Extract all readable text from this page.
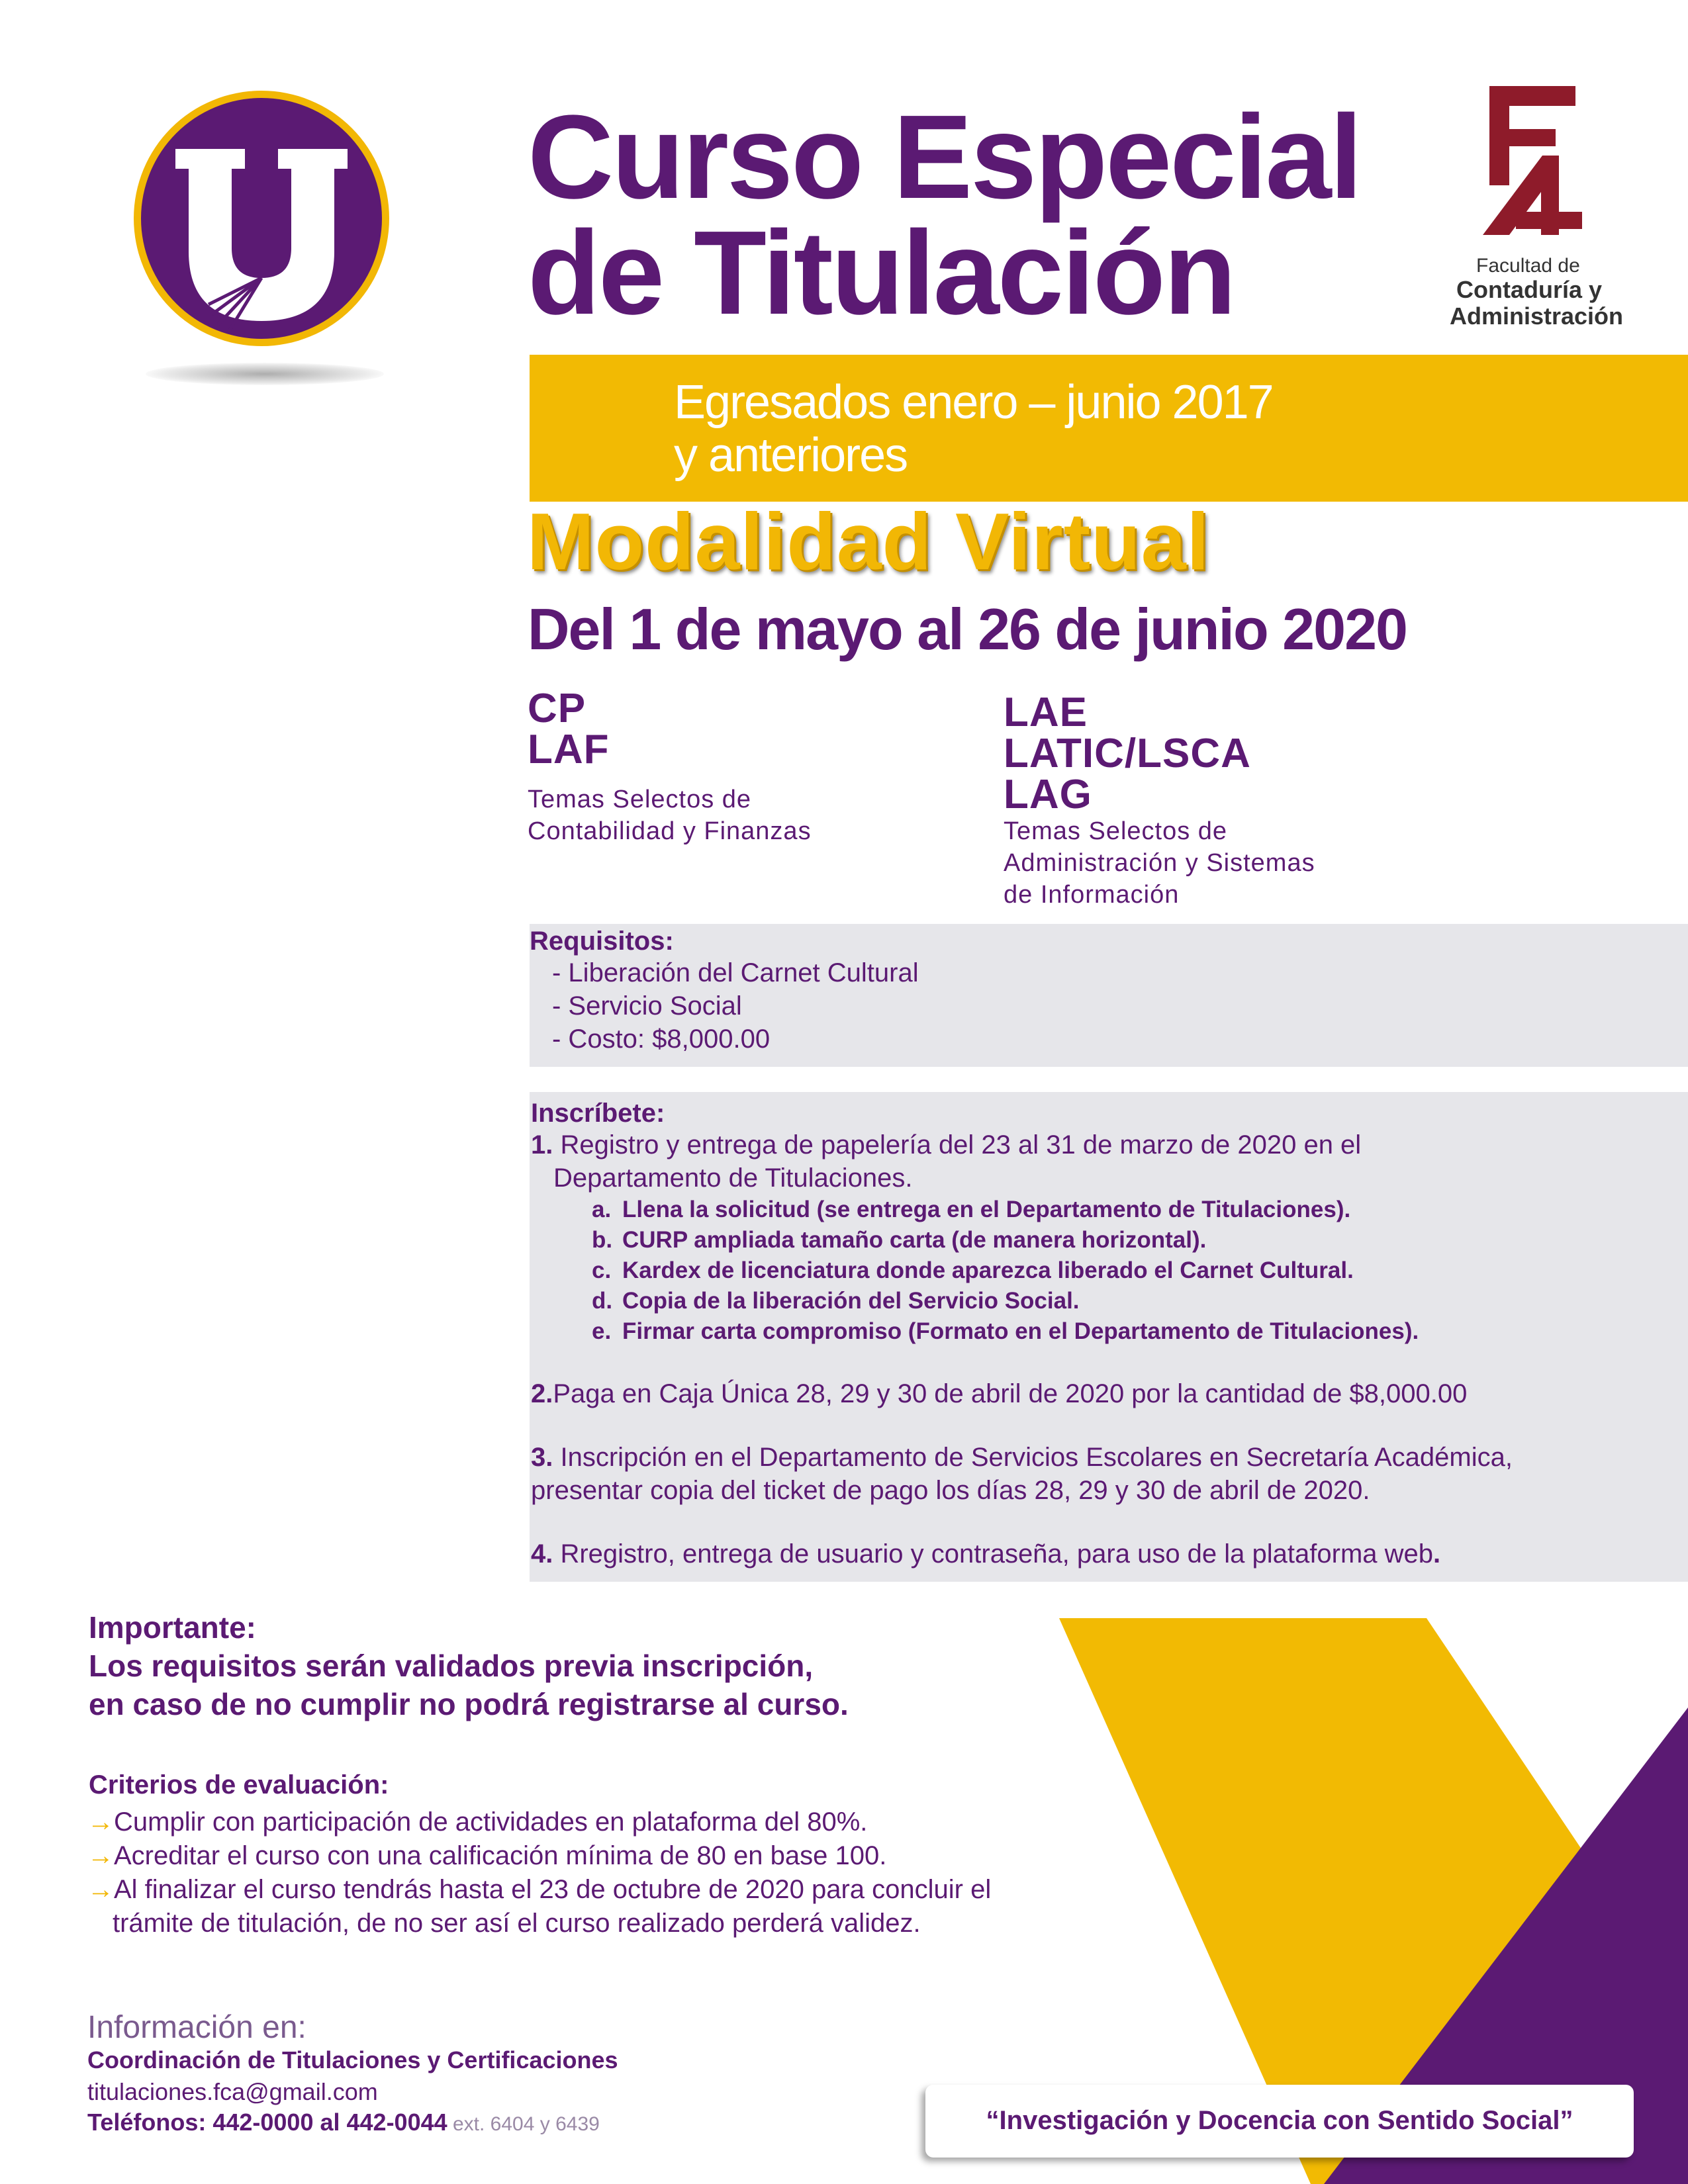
Curso Especial
de Titulación	Facultad de
Contaduría y
Administración
Egresados enero – junio 2017
y anteriores
Modalidad Virtual
Del 1 de mayo al 26 de junio 2020
CP
LAF
Temas Selectos de
Contabilidad y Finanzas
LAE
LATIC/LSCA
LAG
Temas Selectos de
Administración y Sistemas
de Información
Requisitos:
- Liberación del Carnet Cultural
- Servicio Social
- Costo: $8,000.00
Inscríbete:
1. Registro y entrega de papelería del 23 al 31 de marzo de 2020 en el
Departamento de Titulaciones.
a. Llena la solicitud (se entrega en el Departamento de Titulaciones).
b. CURP ampliada tamaño carta (de manera horizontal).
c. Kardex de licenciatura donde aparezca liberado el Carnet Cultural.
d. Copia de la liberación del Servicio Social.
e. Firmar carta compromiso (Formato en el Departamento de Titulaciones).
2.Paga en Caja Única 28, 29 y 30 de abril de 2020 por la cantidad de $8,000.00
3. Inscripción en el Departamento de Servicios Escolares en Secretaría Académica,
presentar copia del ticket de pago los días 28, 29 y 30 de abril de 2020.
4. Rregistro, entrega de usuario y contraseña, para uso de la plataforma web.
Importante:
Los requisitos serán validados previa inscripción,
en caso de no cumplir no podrá registrarse al curso.
Criterios de evaluación:
→Cumplir con participación de actividades en plataforma del 80%.
→Acreditar el curso con una calificación mínima de 80 en base 100.
→Al finalizar el curso tendrás hasta el 23 de octubre de 2020 para concluir el
trámite de titulación, de no ser así el curso realizado perderá validez.
Información en:
Coordinación de Titulaciones y Certificaciones
titulaciones.fca@gmail.com
Teléfonos: 442-0000 al 442-0044 ext. 6404 y 6439	“Investigación y Docencia con Sentido Social”
